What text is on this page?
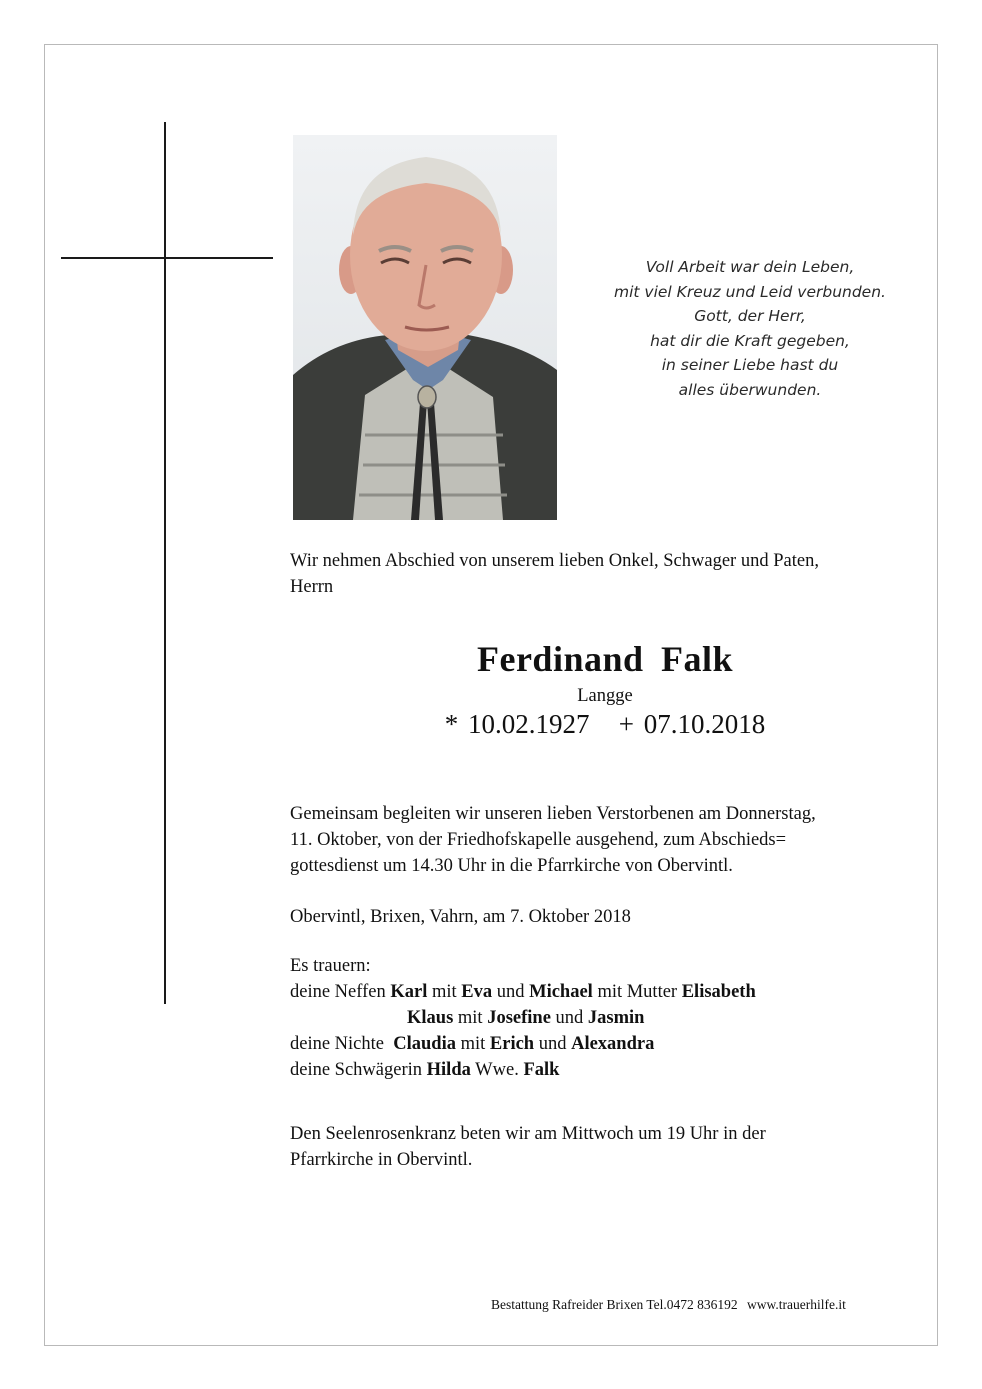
Voll Arbeit war dein Leben,
mit viel Kreuz und Leid verbunden.
Gott, der Herr,
hat dir die Kraft gegeben,
in seiner Liebe hast du
alles überwunden.
Wir nehmen Abschied von unserem lieben Onkel, Schwager und Paten,
Herrn
Ferdinand Falk
Langge
* 10.02.1927 + 07.10.2018
Gemeinsam begleiten wir unseren lieben Verstorbenen am Donnerstag,
11. Oktober, von der Friedhofskapelle ausgehend, zum Abschieds=
gottesdienst um 14.30 Uhr in die Pfarrkirche von Obervintl.
Obervintl, Brixen, Vahrn, am 7. Oktober 2018
Es trauern:
deine Neffen Karl mit Eva und Michael mit Mutter Elisabeth
Klaus mit Josefine und Jasmin
deine Nichte  Claudia mit Erich und Alexandra
deine Schwägerin Hilda Wwe. Falk
Den Seelenrosenkranz beten wir am Mittwoch um 19 Uhr in der
Pfarrkirche in Obervintl.
Bestattung Rafreider Brixen Tel.0472 836192 www.trauerhilfe.it
